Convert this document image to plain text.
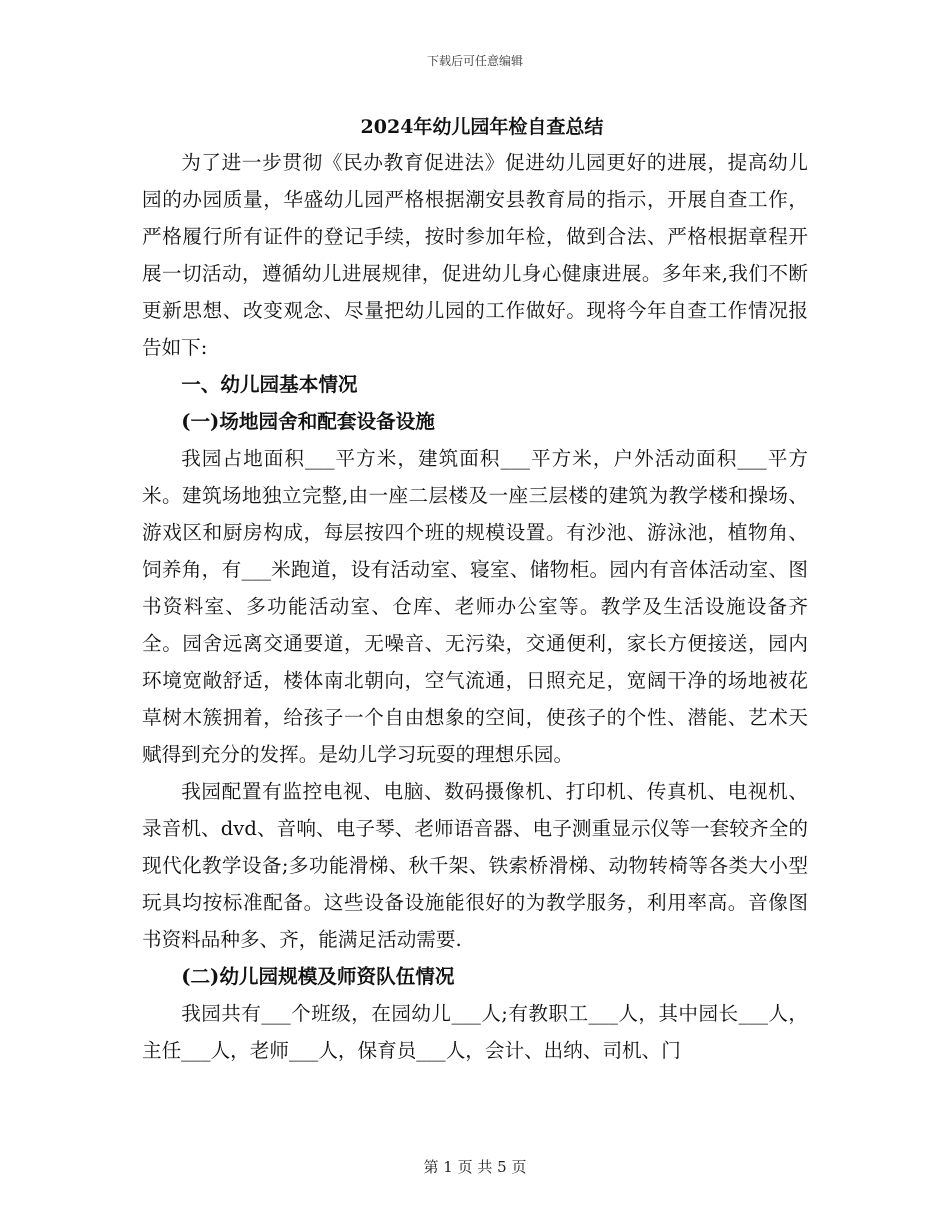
下载后可任意编辑
2024年幼儿园年检自查总结

为了进一步贯彻《民办教育促进法》促进幼儿园更好的进展，提高幼儿园的办园质量，华盛幼儿园严格根据潮安县教育局的指示，开展自查工作，严格履行所有证件的登记手续，按时参加年检，做到合法、严格根据章程开展一切活动，遵循幼儿进展规律，促进幼儿身心健康进展。多年来,我们不断更新思想、改变观念、尽量把幼儿园的工作做好。现将今年自查工作情况报告如下:

一、幼儿园基本情况
(一)场地园舍和配套设备设施

我园占地面积___平方米，建筑面积___平方米，户外活动面积___平方米。建筑场地独立完整,由一座二层楼及一座三层楼的建筑为教学楼和操场、游戏区和厨房构成，每层按四个班的规模设置。有沙池、游泳池，植物角、饲养角，有___米跑道，设有活动室、寝室、储物柜。园内有音体活动室、图书资料室、多功能活动室、仓库、老师办公室等。教学及生活设施设备齐全。园舍远离交通要道，无噪音、无污染，交通便利，家长方便接送，园内环境宽敞舒适，楼体南北朝向，空气流通，日照充足，宽阔干净的场地被花草树木簇拥着，给孩子一个自由想象的空间，使孩子的个性、潜能、艺术天赋得到充分的发挥。是幼儿学习玩耍的理想乐园。

我园配置有监控电视、电脑、数码摄像机、打印机、传真机、电视机、录音机、dvd、音响、电子琴、老师语音器、电子测重显示仪等一套较齐全的现代化教学设备;多功能滑梯、秋千架、铁索桥滑梯、动物转椅等各类大小型玩具均按标准配备。这些设备设施能很好的为教学服务，利用率高。音像图书资料品种多、齐，能满足活动需要.

(二)幼儿园规模及师资队伍情况

我园共有___个班级，在园幼儿___人;有教职工___人，其中园长___人，主任___人，老师___人，保育员___人，会计、出纳、司机、门

第 1 页 共 5 页
